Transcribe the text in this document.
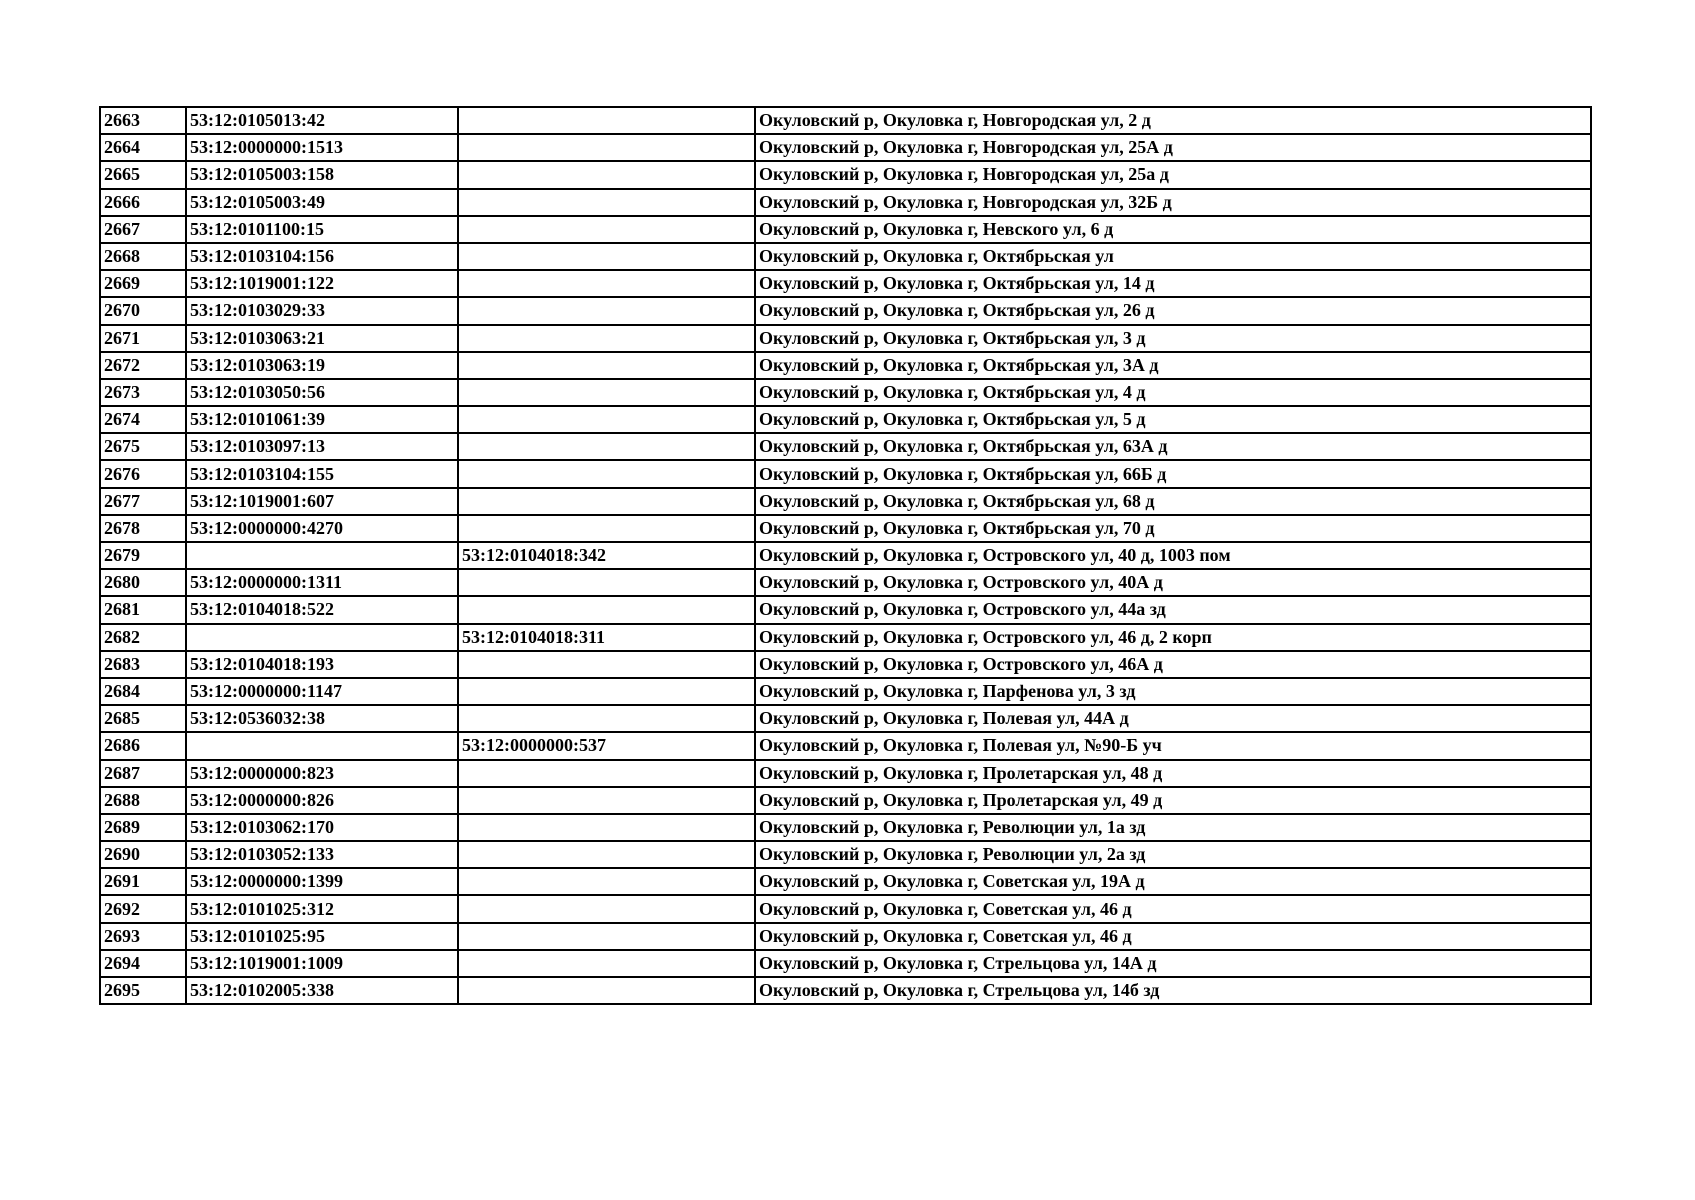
2663	53:12:0105013:42		Окуловский р, Окуловка г, Новгородская ул, 2 д
2664	53:12:0000000:1513		Окуловский р, Окуловка г, Новгородская ул, 25А д
2665	53:12:0105003:158		Окуловский р, Окуловка г, Новгородская ул, 25а д
2666	53:12:0105003:49		Окуловский р, Окуловка г, Новгородская ул, 32Б д
2667	53:12:0101100:15		Окуловский р, Окуловка г, Невского ул, 6 д
2668	53:12:0103104:156		Окуловский р, Окуловка г, Октябрьская ул
2669	53:12:1019001:122		Окуловский р, Окуловка г, Октябрьская ул, 14 д
2670	53:12:0103029:33		Окуловский р, Окуловка г, Октябрьская ул, 26 д
2671	53:12:0103063:21		Окуловский р, Окуловка г, Октябрьская ул, 3 д
2672	53:12:0103063:19		Окуловский р, Окуловка г, Октябрьская ул, 3А д
2673	53:12:0103050:56		Окуловский р, Окуловка г, Октябрьская ул, 4 д
2674	53:12:0101061:39		Окуловский р, Окуловка г, Октябрьская ул, 5 д
2675	53:12:0103097:13		Окуловский р, Окуловка г, Октябрьская ул, 63А д
2676	53:12:0103104:155		Окуловский р, Окуловка г, Октябрьская ул, 66Б д
2677	53:12:1019001:607		Окуловский р, Окуловка г, Октябрьская ул, 68 д
2678	53:12:0000000:4270		Окуловский р, Окуловка г, Октябрьская ул, 70 д
2679		53:12:0104018:342	Окуловский р, Окуловка г, Островского ул, 40 д, 1003 пом
2680	53:12:0000000:1311		Окуловский р, Окуловка г, Островского ул, 40А д
2681	53:12:0104018:522		Окуловский р, Окуловка г, Островского ул, 44а зд
2682		53:12:0104018:311	Окуловский р, Окуловка г, Островского ул, 46 д, 2 корп
2683	53:12:0104018:193		Окуловский р, Окуловка г, Островского ул, 46А д
2684	53:12:0000000:1147		Окуловский р, Окуловка г, Парфенова ул, 3 зд
2685	53:12:0536032:38		Окуловский р, Окуловка г, Полевая ул, 44А д
2686		53:12:0000000:537	Окуловский р, Окуловка г, Полевая ул, №90-Б уч
2687	53:12:0000000:823		Окуловский р, Окуловка г, Пролетарская ул, 48 д
2688	53:12:0000000:826		Окуловский р, Окуловка г, Пролетарская ул, 49 д
2689	53:12:0103062:170		Окуловский р, Окуловка г, Революции ул, 1а зд
2690	53:12:0103052:133		Окуловский р, Окуловка г, Революции ул, 2а зд
2691	53:12:0000000:1399		Окуловский р, Окуловка г, Советская ул, 19А д
2692	53:12:0101025:312		Окуловский р, Окуловка г, Советская ул, 46 д
2693	53:12:0101025:95		Окуловский р, Окуловка г, Советская ул, 46 д
2694	53:12:1019001:1009		Окуловский р, Окуловка г, Стрельцова ул, 14А д
2695	53:12:0102005:338		Окуловский р, Окуловка г, Стрельцова ул, 14б зд
